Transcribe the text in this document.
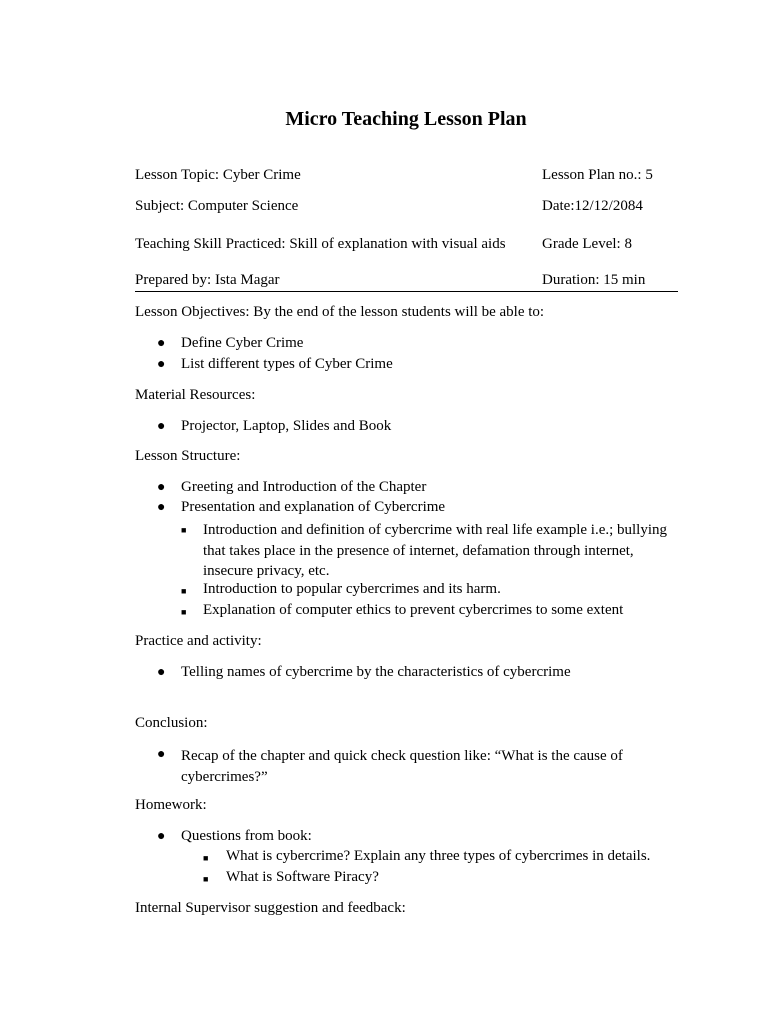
Micro Teaching Lesson Plan
Lesson Topic: Cyber Crime	Lesson Plan no.: 5
Subject: Computer Science	Date:12/12/2084
Teaching Skill Practiced: Skill of explanation with visual aids Grade Level: 8
Prepared by: Ista Magar	Duration: 15 min
Lesson Objectives: By the end of the lesson students will be able to:
● Define Cyber Crime
● List different types of Cyber Crime
Material Resources:
● Projector, Laptop, Slides and Book
Lesson Structure:
● Greeting and Introduction of the Chapter
● Presentation and explanation of Cybercrime
■ Introduction and definition of cybercrime with real life example i.e.; bullying that takes place in the presence of internet, defamation through internet, insecure privacy, etc.
■ Introduction to popular cybercrimes and its harm.
■ Explanation of computer ethics to prevent cybercrimes to some extent
Practice and activity:
● Telling names of cybercrime by the characteristics of cybercrime
Conclusion:
● Recap of the chapter and quick check question like: “What is the cause of cybercrimes?”
Homework:
● Questions from book:
■ What is cybercrime? Explain any three types of cybercrimes in details.
■ What is Software Piracy?
Internal Supervisor suggestion and feedback:
